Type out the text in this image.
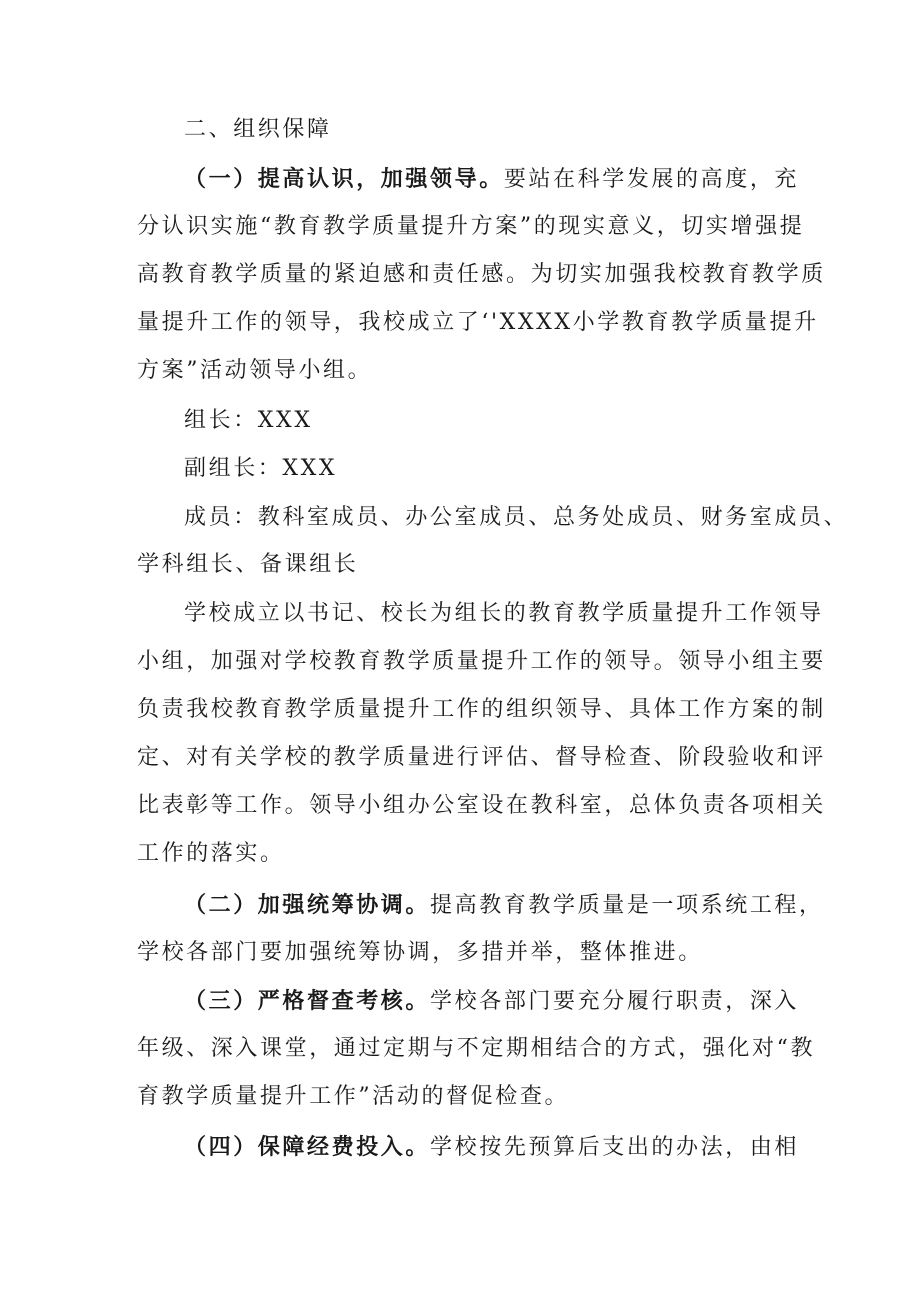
二、组织保障
（一）提高认识，加强领导。要站在科学发展的高度，充
分认识实施“教育教学质量提升方案”的现实意义，切实增强提
高教育教学质量的紧迫感和责任感。为切实加强我校教育教学质
量提升工作的领导，我校成立了‘'XXXX小学教育教学质量提升
方案”活动领导小组。
组长：XXX
副组长：XXX
成员：教科室成员、办公室成员、总务处成员、财务室成员、
学科组长、备课组长
学校成立以书记、校长为组长的教育教学质量提升工作领导
小组，加强对学校教育教学质量提升工作的领导。领导小组主要
负责我校教育教学质量提升工作的组织领导、具体工作方案的制
定、对有关学校的教学质量进行评估、督导检查、阶段验收和评
比表彰等工作。领导小组办公室设在教科室，总体负责各项相关
工作的落实。
（二）加强统筹协调。提高教育教学质量是一项系统工程，
学校各部门要加强统筹协调，多措并举，整体推进。
（三）严格督查考核。学校各部门要充分履行职责，深入
年级、深入课堂，通过定期与不定期相结合的方式，强化对“教
育教学质量提升工作”活动的督促检查。
（四）保障经费投入。学校按先预算后支出的办法，由相
